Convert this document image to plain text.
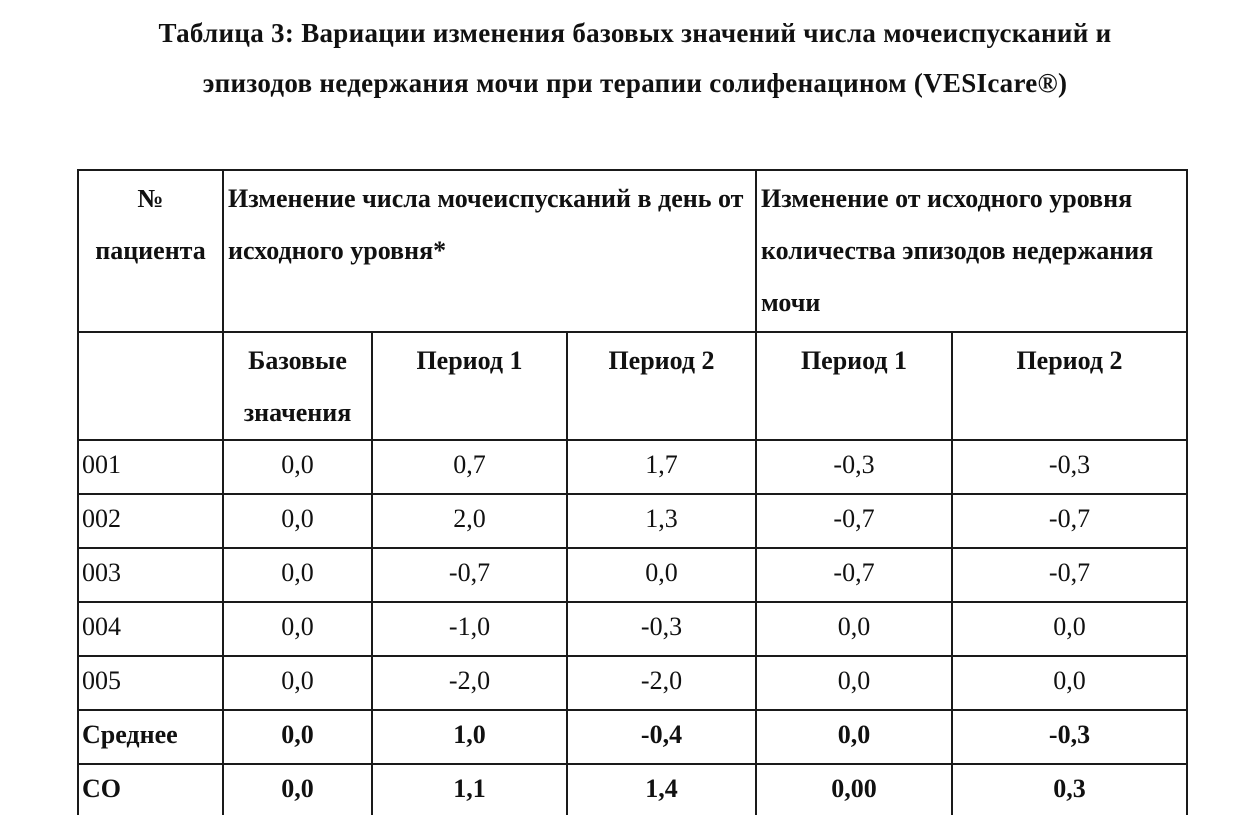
Таблица 3: Вариации изменения базовых значений числа мочеиспусканий и
эпизодов недержания мочи при терапии солифенацином (VESIcare®)
№ пациента	Изменение числа мочеиспусканий в день от исходного уровня*			Изменение от исходного уровня количества эпизодов недержания мочи	
	Базовые значения	Период 1	Период 2	Период 1	Период 2
001	0,0	0,7	1,7	-0,3	-0,3
002	0,0	2,0	1,3	-0,7	-0,7
003	0,0	-0,7	0,0	-0,7	-0,7
004	0,0	-1,0	-0,3	0,0	0,0
005	0,0	-2,0	-2,0	0,0	0,0
Среднее	0,0	1,0	-0,4	0,0	-0,3
СО	0,0	1,1	1,4	0,00	0,3
